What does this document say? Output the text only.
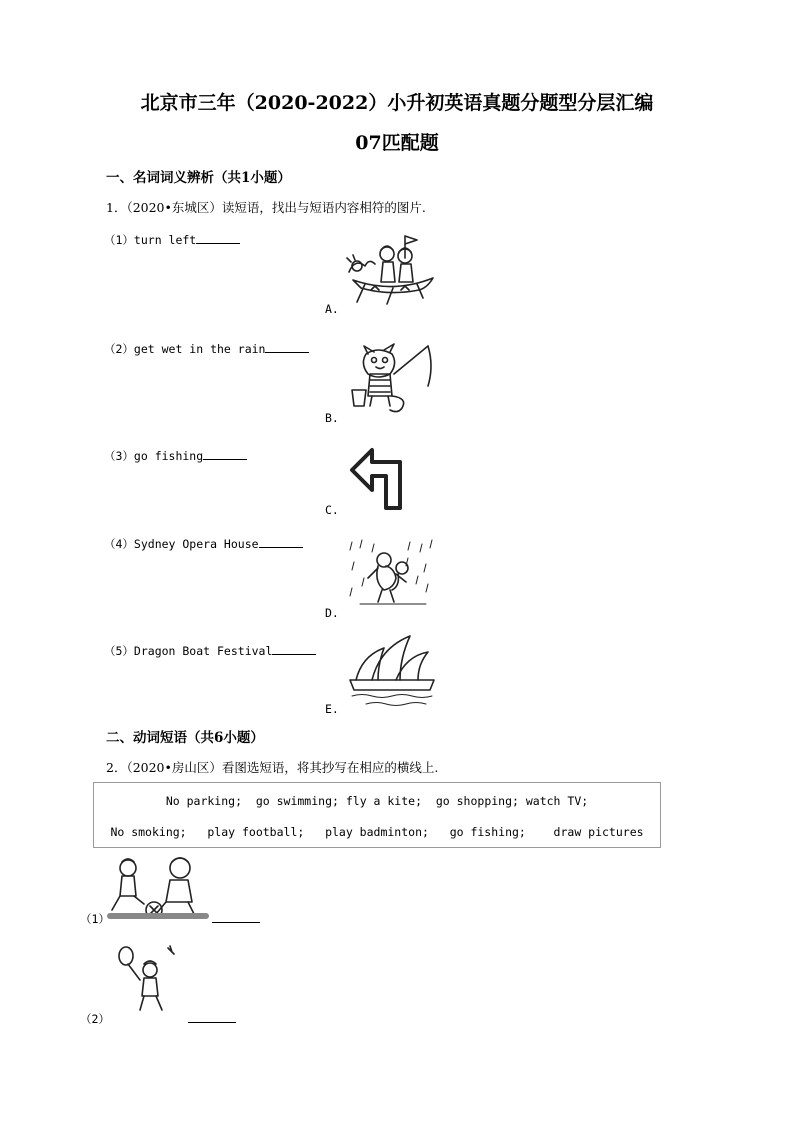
北京市三年（2020-2022）小升初英语真题分题型分层汇编
07匹配题
一、名词词义辨析（共1小题）
1．（2020•东城区）读短语，找出与短语内容相符的图片.
（1）turn left
（2）get wet in the rain
（3）go fishing
（4）Sydney Opera House
（5）Dragon Boat Festival
A.
B.
C.
D.
E.
二、动词短语（共6小题）
2．（2020•房山区）看图选短语，将其抄写在相应的横线上.
No parking;  go swimming; fly a kite;  go shopping; watch TV;
No smoking;   play football;   play badminton;   go fishing;    draw pictures
（1）
（2）
